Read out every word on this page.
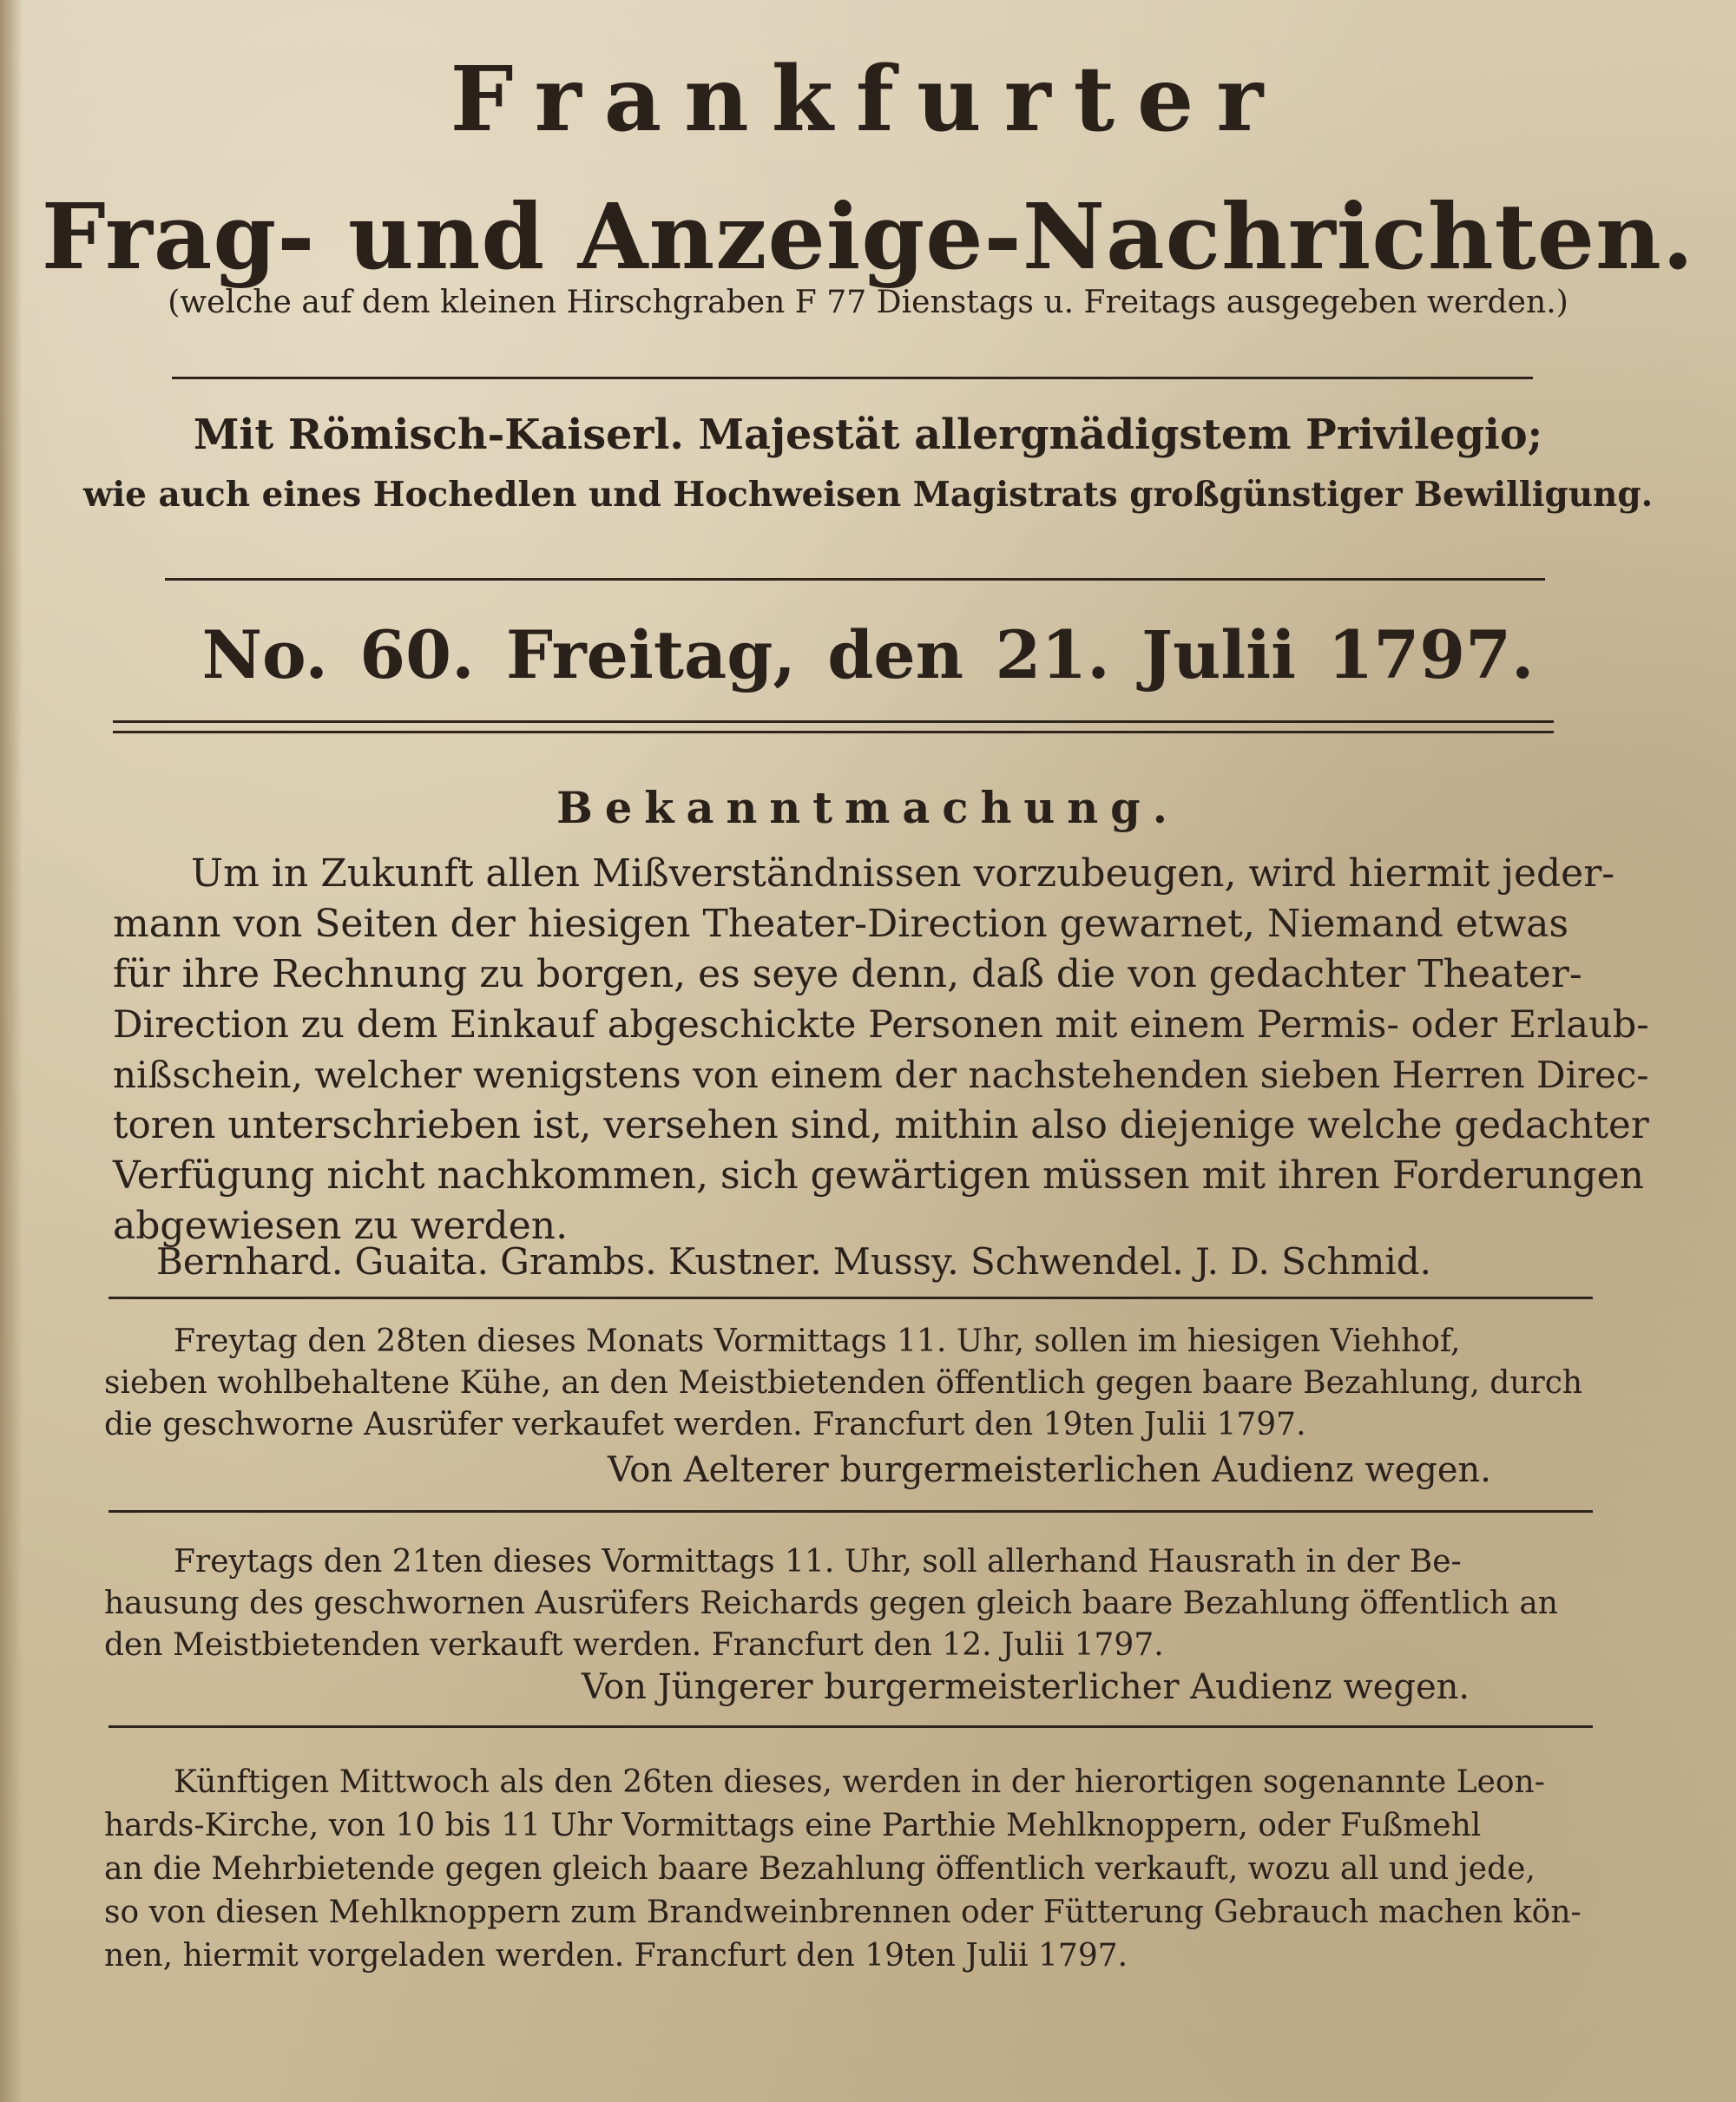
Frankfurter
Frag- und Anzeige-Nachrichten.
(welche auf dem kleinen Hirschgraben F 77 Dienstags u. Freitags ausgegeben werden.)
Mit Römisch-Kaiserl. Majestät allergnädigstem Privilegio;
wie auch eines Hochedlen und Hochweisen Magistrats großgünstiger Bewilligung.
No. 60. Freitag, den 21. Julii 1797.
Bekanntmachung.
Um in Zukunft allen Mißverständnissen vorzubeugen, wird hiermit jeder-
mann von Seiten der hiesigen Theater-Direction gewarnet, Niemand etwas
für ihre Rechnung zu borgen, es seye denn, daß die von gedachter Theater-
Direction zu dem Einkauf abgeschickte Personen mit einem Permis- oder Erlaub-
nißschein, welcher wenigstens von einem der nachstehenden sieben Herren Direc-
toren unterschrieben ist, versehen sind, mithin also diejenige welche gedachter
Verfügung nicht nachkommen, sich gewärtigen müssen mit ihren Forderungen
abgewiesen zu werden.
Bernhard. Guaita. Grambs. Kustner. Mussy. Schwendel. J. D. Schmid.
Freytag den 28ten dieses Monats Vormittags 11. Uhr, sollen im hiesigen Viehhof,
sieben wohlbehaltene Kühe, an den Meistbietenden öffentlich gegen baare Bezahlung, durch
die geschworne Ausrüfer verkaufet werden. Francfurt den 19ten Julii 1797.
Von Aelterer burgermeisterlichen Audienz wegen.
Freytags den 21ten dieses Vormittags 11. Uhr, soll allerhand Hausrath in der Be-
hausung des geschwornen Ausrüfers Reichards gegen gleich baare Bezahlung öffentlich an
den Meistbietenden verkauft werden. Francfurt den 12. Julii 1797.
Von Jüngerer burgermeisterlicher Audienz wegen.
Künftigen Mittwoch als den 26ten dieses, werden in der hierortigen sogenannte Leon-
hards-Kirche, von 10 bis 11 Uhr Vormittags eine Parthie Mehlknoppern, oder Fußmehl
an die Mehrbietende gegen gleich baare Bezahlung öffentlich verkauft, wozu all und jede,
so von diesen Mehlknoppern zum Brandweinbrennen oder Fütterung Gebrauch machen kön-
nen, hiermit vorgeladen werden. Francfurt den 19ten Julii 1797.
